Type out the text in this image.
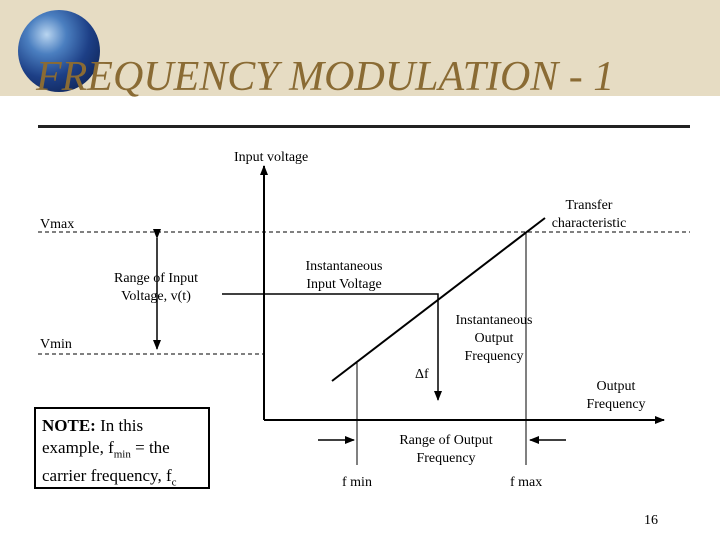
FREQUENCY MODULATION - 1
Input voltage
Transfer
characteristic
Vmax
Vmin
Range of Input
Voltage, v(t)
Instantaneous
Input Voltage
Instantaneous
Output
Frequency
Δf
Output
Frequency
Range of Output
Frequency
f min	f max
NOTE: In this
example, $f_{min}$ = the
carrier frequency, $f_c$
16
